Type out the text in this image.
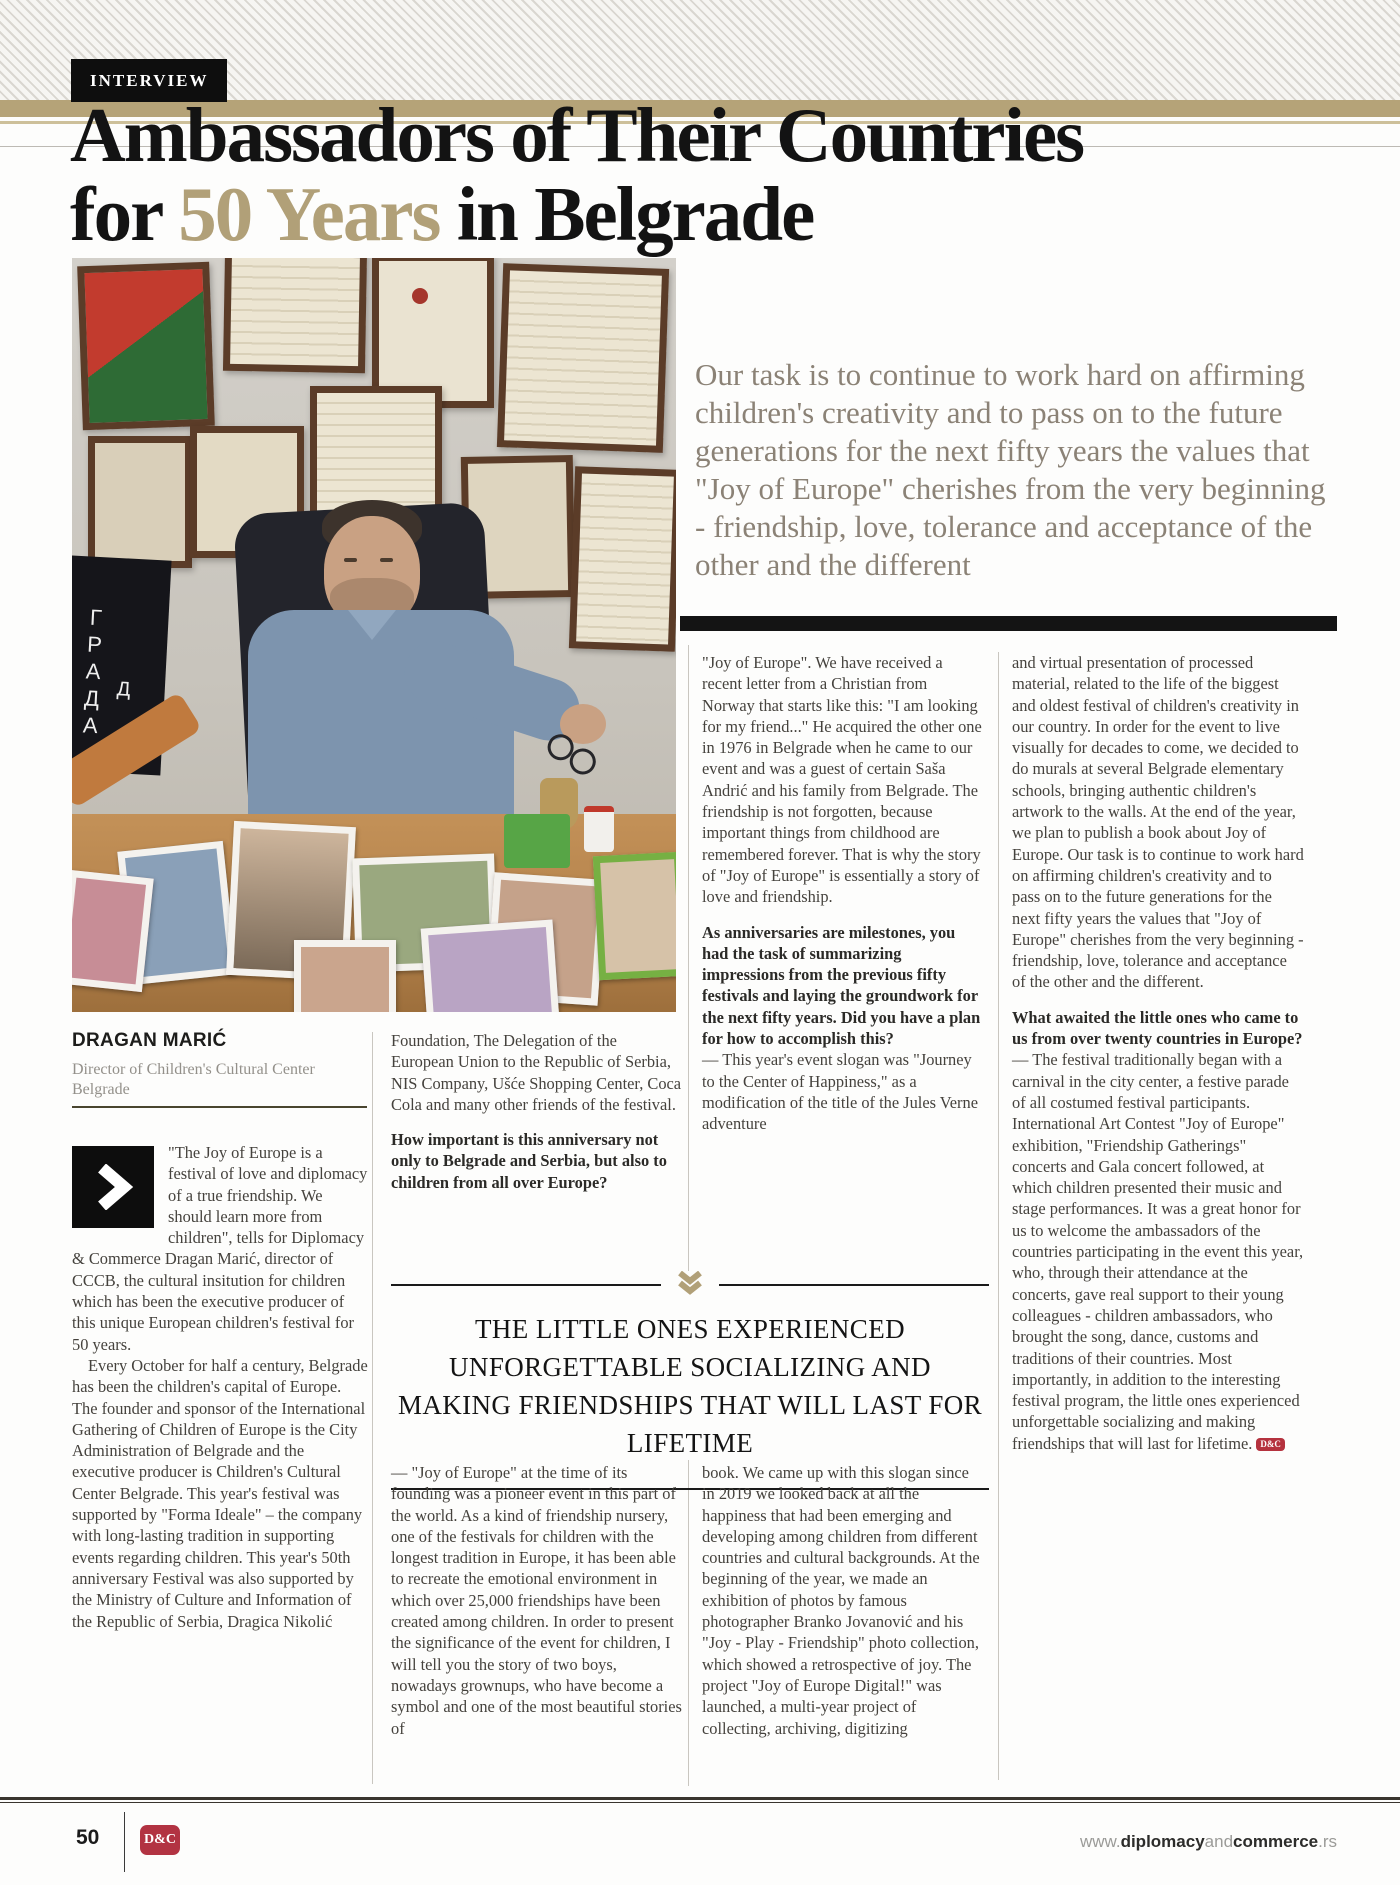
INTERVIEW
Ambassadors of Their Countries
for 50 Years in Belgrade
ГРАДА Д
Our task is to continue to work hard on affirming children's creativity and to pass on to the future generations for the next fifty years the values that "Joy of Europe" cherishes from the very beginning - friendship, love, tolerance and acceptance of the other and the different
DRAGAN MARIĆ
Director of Children's Cultural Center Belgrade

"The Joy of Europe is a festival of love and diplomacy of a true friendship. We should learn more from children", tells for Diplomacy & Commerce Dragan Marić, director of CCCB, the cultural insitution for children which has been the executive producer of this unique European children's festival for 50 years.

Every October for half a century, Belgrade has been the children's capital of Europe. The founder and sponsor of the International Gathering of Children of Europe is the City Administration of Belgrade and the executive producer is Children's Cultural Center Belgrade. This year's festival was supported by "Forma Ideale" – the company with long-lasting tradition in supporting events regarding children. This year's 50th anniversary Festival was also supported by the Ministry of Culture and Information of the Republic of Serbia, Dragica Nikolić

Foundation, The Delegation of the European Union to the Republic of Serbia, NIS Company, Ušće Shopping Center, Coca Cola and many other friends of the festival.

How important is this anniversary not only to Belgrade and Serbia, but also to children from all over Europe?

THE LITTLE ONES EXPERIENCED UNFORGETTABLE SOCIALIZING AND MAKING FRIENDSHIPS THAT WILL LAST FOR LIFETIME

— "Joy of Europe" at the time of its founding was a pioneer event in this part of the world. As a kind of friendship nursery, one of the festivals for children with the longest tradition in Europe, it has been able to recreate the emotional environment in which over 25,000 friendships have been created among children. In order to present the significance of the event for children, I will tell you the story of two boys, nowadays grownups, who have become a symbol and one of the most beautiful stories of

"Joy of Europe". We have received a recent letter from a Christian from Norway that starts like this: "I am looking for my friend..." He acquired the other one in 1976 in Belgrade when he came to our event and was a guest of certain Saša Andrić and his family from Belgrade. The friendship is not forgotten, because important things from childhood are remembered forever. That is why the story of "Joy of Europe" is essentially a story of love and friendship.

As anniversaries are milestones, you had the task of summarizing impressions from the previous fifty festivals and laying the groundwork for the next fifty years. Did you have a plan for how to accomplish this?

— This year's event slogan was "Journey to the Center of Happiness," as a modification of the title of the Jules Verne adventure

book. We came up with this slogan since in 2019 we looked back at all the happiness that had been emerging and developing among children from different countries and cultural backgrounds. At the beginning of the year, we made an exhibition of photos by famous photographer Branko Jovanović and his "Joy - Play - Friendship" photo collection, which showed a retrospective of joy. The project "Joy of Europe Digital!" was launched, a multi-year project of collecting, archiving, digitizing

and virtual presentation of processed material, related to the life of the biggest and oldest festival of children's creativity in our country. In order for the event to live visually for decades to come, we decided to do murals at several Belgrade elementary schools, bringing authentic children's artwork to the walls. At the end of the year, we plan to publish a book about Joy of Europe. Our task is to continue to work hard on affirming children's creativity and to pass on to the future generations for the next fifty years the values that "Joy of Europe" cherishes from the very beginning - friendship, love, tolerance and acceptance of the other and the different.

What awaited the little ones who came to us from over twenty countries in Europe?

— The festival traditionally began with a carnival in the city center, a festive parade of all costumed festival participants. International Art Contest "Joy of Europe" exhibition, "Friendship Gatherings" concerts and Gala concert followed, at which children presented their music and stage performances. It was a great honor for us to welcome the ambassadors of the countries participating in the event this year, who, through their attendance at the concerts, gave real support to their young colleagues - children ambassadors, who brought the song, dance, customs and traditions of their countries. Most importantly, in addition to the interesting festival program, the little ones experienced unforgettable socializing and making friendships that will last for lifetime. D&C

50	D&C	www.diplomacyandcommerce.rs
